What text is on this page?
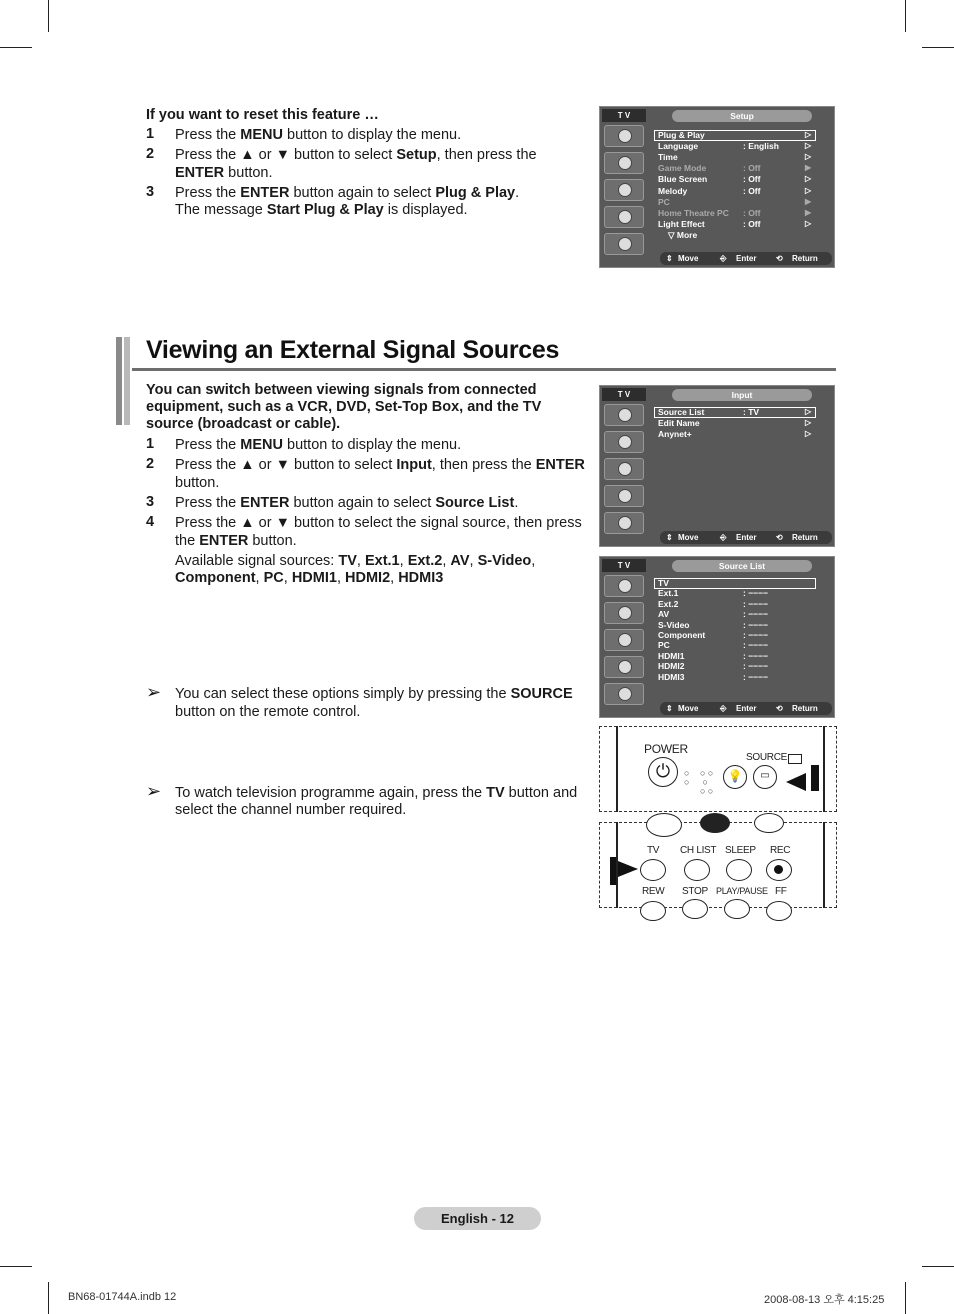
If you want to reset this feature …
1 Press the MENU button to display the menu.
2 Press the ▲ or ▼ button to select Setup, then press the
ENTER button.
3 Press the ENTER button again to select Plug & Play.
The message Start Plug & Play is displayed.
Viewing an External Signal Sources
You can switch between viewing signals from connected
equipment, such as a VCR, DVD, Set-Top Box, and the TV
source (broadcast or cable).
1 Press the MENU button to display the menu.
2 Press the ▲ or ▼ button to select Input, then press the ENTER
button.
3 Press the ENTER button again to select Source List.
4 Press the ▲ or ▼ button to select the signal source, then press
the ENTER button.
Available signal sources: TV, Ext.1, Ext.2, AV, S-Video,
Component, PC, HDMI1, HDMI2, HDMI3
➢ You can select these options simply by pressing the SOURCE
button on the remote control.
➢ To watch television programme again, press the TV button and
select the channel number required.
T V	Setup
Plug & Play	▷
Language	: English	▷
Time	▷
Game Mode	: Off	▶
Blue Screen	: Off	▷
Melody	: Off	▷
PC	▶
Home Theatre PC : Off	▶
Light Effect	: Off	▷
▽ More
⇕ Move	⎆ Enter ⟲ Return
T V	Input
Source List	: TV	▷
Edit Name	▷
Anynet+	▷
⇕ Move	⎆ Enter ⟲ Return
T V	Source List
TV
Ext.1	: −−−−
Ext.2	: −−−−
AV	: −−−−
S-Video	: −−−−
Component	: −−−−
PC	: −−−−
HDMI1	: −−−−
HDMI2	: −−−−
HDMI3	: −−−−
⇕ Move	⎆ Enter ⟲ Return
POWER
⏻	○
○
○ ○
○
○ ○
💡
SOURCE
▭
TV CH LIST SLEEP REC
REW STOP PLAY/PAUSE FF
English - 12
BN68-01744A.indb 12	2008-08-13 오후 4:15:25
